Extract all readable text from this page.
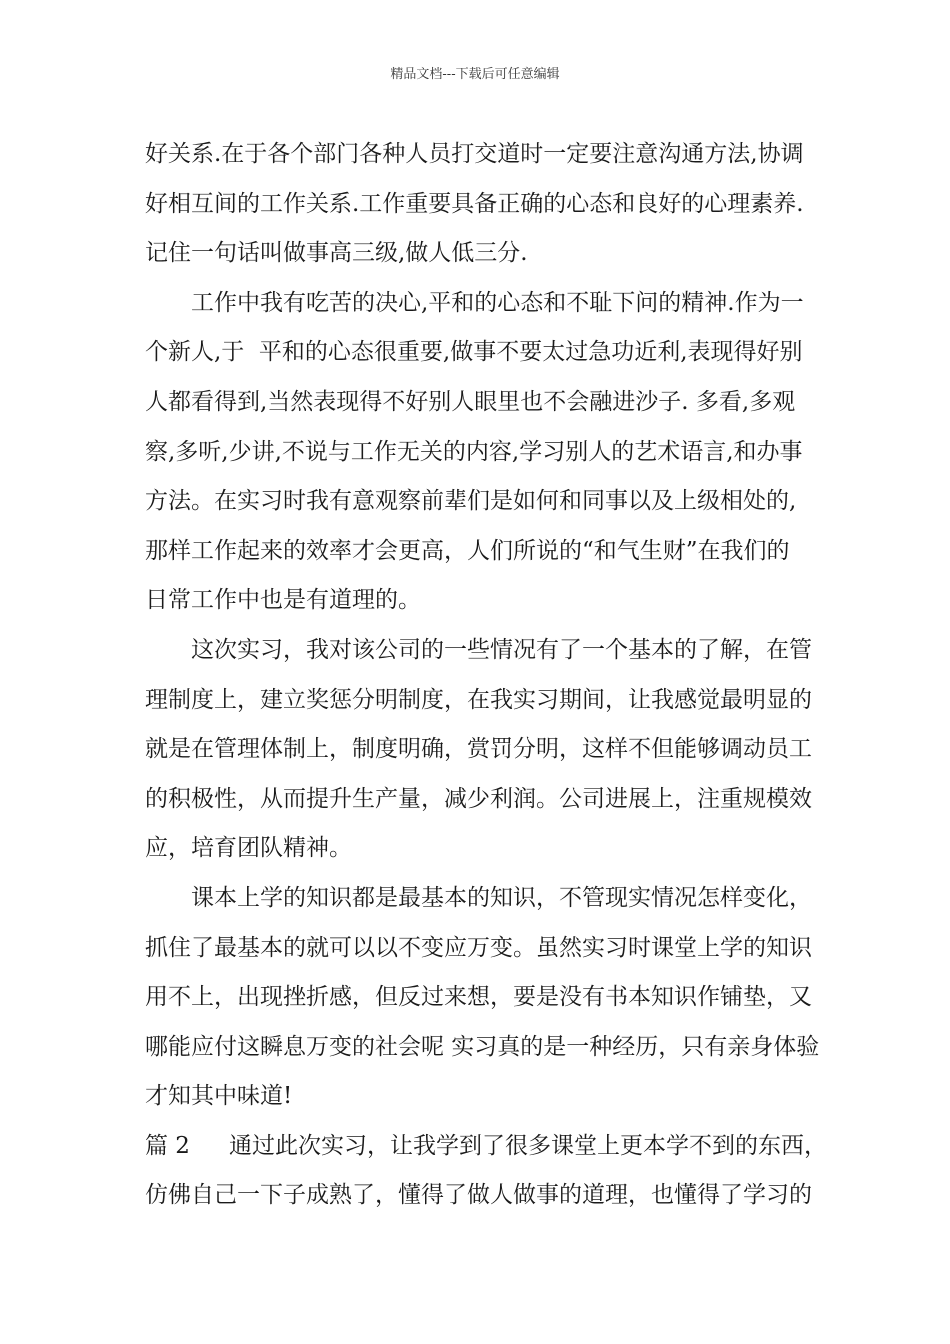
精品文档---下载后可任意编辑
好关系.在于各个部门各种人员打交道时一定要注意沟通方法,协调
好相互间的工作关系.工作重要具备正确的心态和良好的心理素养.
记住一句话叫做事高三级,做人低三分.
工作中我有吃苦的决心,平和的心态和不耻下问的精神.作为一
个新人,于  平和的心态很重要,做事不要太过急功近利,表现得好别
人都看得到,当然表现得不好别人眼里也不会融进沙子. 多看,多观
察,多听,少讲,不说与工作无关的内容,学习别人的艺术语言,和办事
方法。在实习时我有意观察前辈们是如何和同事以及上级相处的,
那样工作起来的效率才会更高，人们所说的“和气生财”在我们的
日常工作中也是有道理的。
这次实习，我对该公司的一些情况有了一个基本的了解，在管
理制度上，建立奖惩分明制度，在我实习期间，让我感觉最明显的
就是在管理体制上，制度明确，赏罚分明，这样不但能够调动员工
的积极性，从而提升生产量，减少利润。公司进展上，注重规模效
应，培育团队精神。
课本上学的知识都是最基本的知识，不管现实情况怎样变化，
抓住了最基本的就可以以不变应万变。虽然实习时课堂上学的知识
用不上，出现挫折感，但反过来想，要是没有书本知识作铺垫，又
哪能应付这瞬息万变的社会呢 实习真的是一种经历，只有亲身体验
才知其中味道!
篇 2 通过此次实习，让我学到了很多课堂上更本学不到的东西，
仿佛自己一下子成熟了，懂得了做人做事的道理，也懂得了学习的
